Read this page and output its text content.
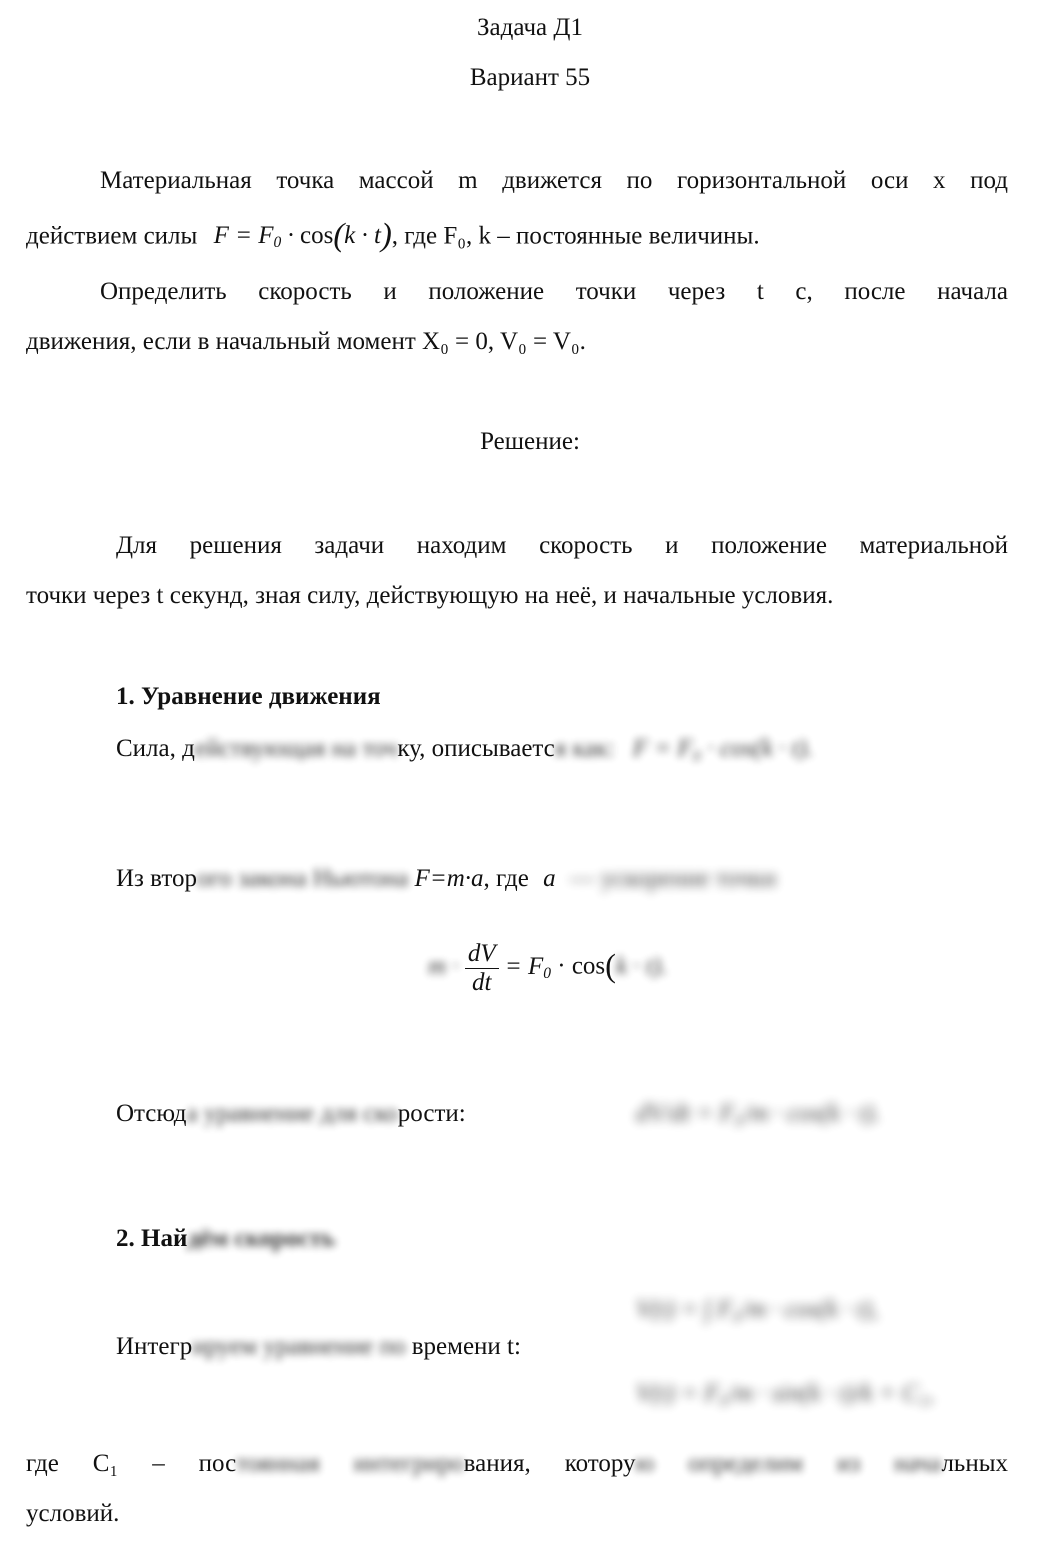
Задача Д1
Вариант 55
Материальная точка массой m движется по горизонтальной оси x под
действием силы $F = F_0 \cdot \cos(k \cdot t)$, где F₀, k – постоянные величины.
Определить скорость и положение точки через t с, после начала
движения, если в начальный момент X₀ = 0, V₀ = V₀.
Решение:
Для решения задачи находим скорость и положение материальной
точки через t секунд, зная силу, действующую на неё, и начальные условия.
1. Уравнение движения
Сила, действующая на точку, описывается как: F = F₀ · cos(k · t).
Из второго закона Ньютона F=m·a, где a — ускорение точки
$m \cdot \frac{dV}{dt} = F_0 \cdot \cos(k \cdot t)$.
Отсюда уравнение для скорости:	dV/dt = F₀/m · cos(k · t).
2. Найдём скорость
V(t) = ∫ F₀/m · cos(k · t),
Интегрируем уравнение по времени t:
V(t) = F₀/m · sin(k · t)/k + C₁,
где C₁ – постоянная интегрирования, которую определим из начальных
условий.
